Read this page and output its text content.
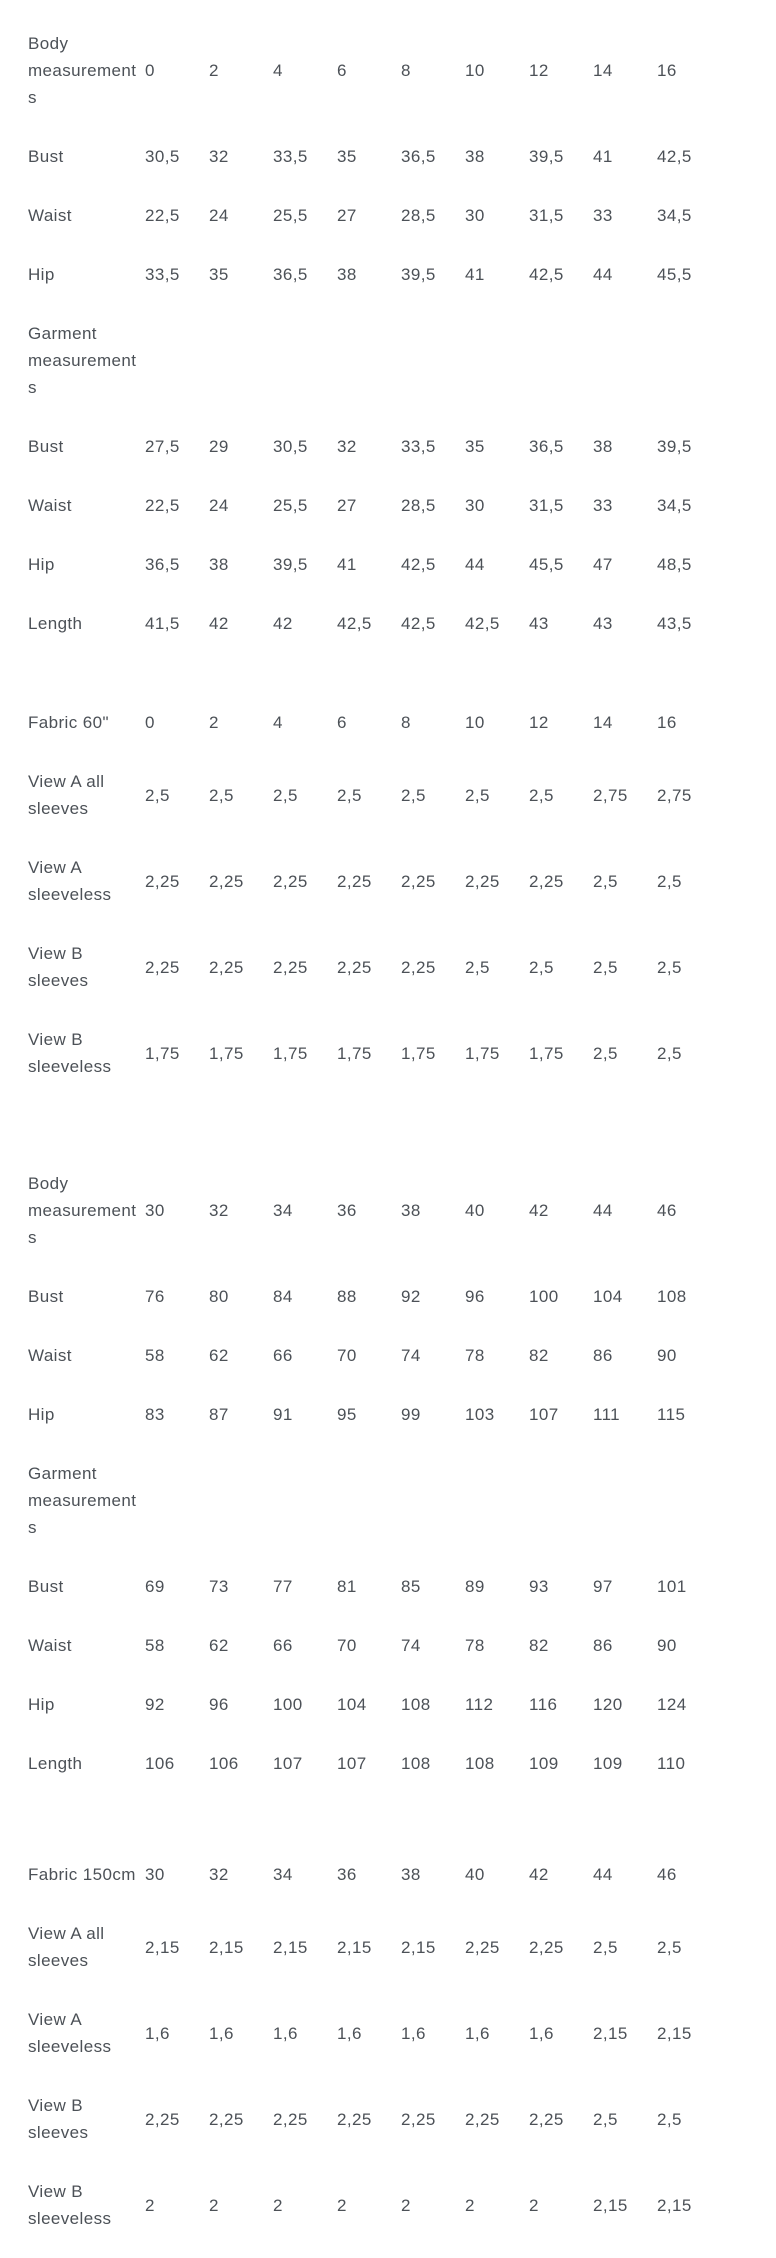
Body measurements	0	2	4	6	8	10	12	14	16
Bust	30,5	32	33,5	35	36,5	38	39,5	41	42,5
Waist	22,5	24	25,5	27	28,5	30	31,5	33	34,5
Hip	33,5	35	36,5	38	39,5	41	42,5	44	45,5
Garment measurements									
Bust	27,5	29	30,5	32	33,5	35	36,5	38	39,5
Waist	22,5	24	25,5	27	28,5	30	31,5	33	34,5
Hip	36,5	38	39,5	41	42,5	44	45,5	47	48,5
Length	41,5	42	42	42,5	42,5	42,5	43	43	43,5
Fabric 60"	0	2	4	6	8	10	12	14	16
View A all sleeves	2,5	2,5	2,5	2,5	2,5	2,5	2,5	2,75	2,75
View A sleeveless	2,25	2,25	2,25	2,25	2,25	2,25	2,25	2,5	2,5
View B sleeves	2,25	2,25	2,25	2,25	2,25	2,5	2,5	2,5	2,5
View B sleeveless	1,75	1,75	1,75	1,75	1,75	1,75	1,75	2,5	2,5
Body measurements	30	32	34	36	38	40	42	44	46
Bust	76	80	84	88	92	96	100	104	108
Waist	58	62	66	70	74	78	82	86	90
Hip	83	87	91	95	99	103	107	111	115
Garment measurements									
Bust	69	73	77	81	85	89	93	97	101
Waist	58	62	66	70	74	78	82	86	90
Hip	92	96	100	104	108	112	116	120	124
Length	106	106	107	107	108	108	109	109	110
Fabric 150cm	30	32	34	36	38	40	42	44	46
View A all sleeves	2,15	2,15	2,15	2,15	2,15	2,25	2,25	2,5	2,5
View A sleeveless	1,6	1,6	1,6	1,6	1,6	1,6	1,6	2,15	2,15
View B sleeves	2,25	2,25	2,25	2,25	2,25	2,25	2,25	2,5	2,5
View B sleeveless	2	2	2	2	2	2	2	2,15	2,15
